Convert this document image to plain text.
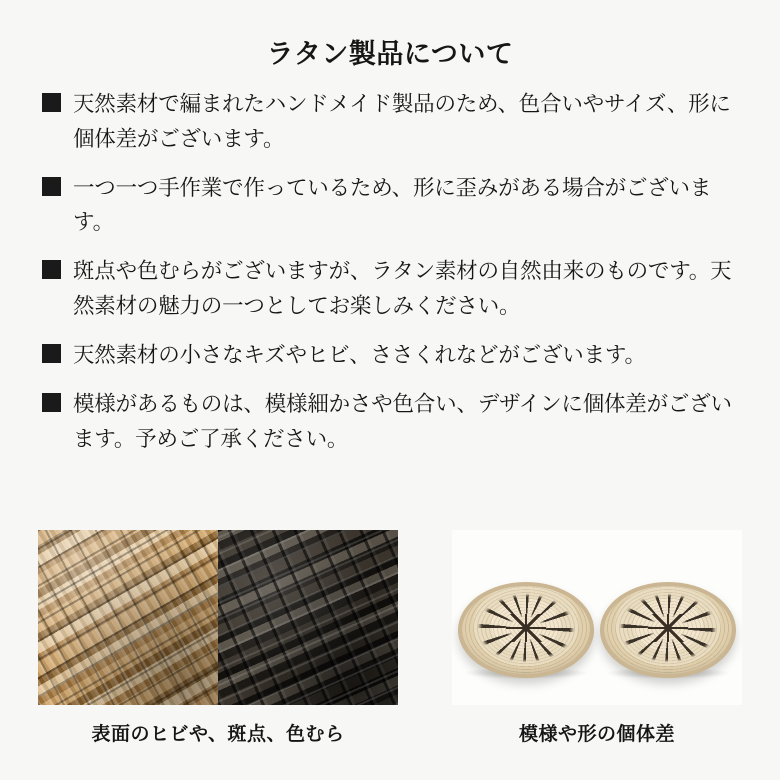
ラタン製品について
天然素材で編まれたハンドメイド製品のため、色合いやサイズ、形に個体差がございます。
一つ一つ手作業で作っているため、形に歪みがある場合がございます。
斑点や色むらがございますが、ラタン素材の自然由来のものです。天然素材の魅力の一つとしてお楽しみください。
天然素材の小さなキズやヒビ、ささくれなどがございます。
模様があるものは、模様細かさや色合い、デザインに個体差がございます。予めご了承ください。
表面のヒビや、斑点、色むら	模様や形の個体差
